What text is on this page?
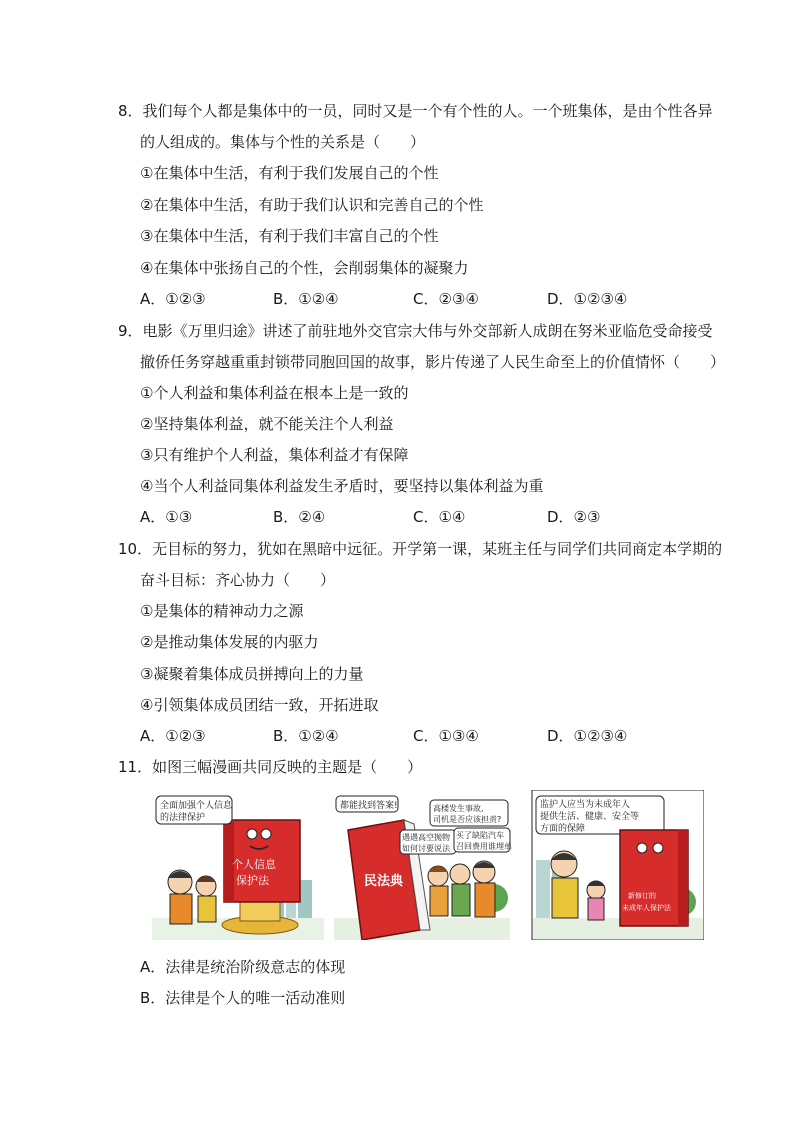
8．我们每个人都是集体中的一员，同时又是一个有个性的人。一个班集体，是由个性各异
的人组成的。集体与个性的关系是（　　）
①在集体中生活，有利于我们发展自己的个性
②在集体中生活，有助于我们认识和完善自己的个性
③在集体中生活，有利于我们丰富自己的个性
④在集体中张扬自己的个性，会削弱集体的凝聚力
A．①②③	B．①②④	C．②③④	D．①②③④
9．电影《万里归途》讲述了前驻地外交官宗大伟与外交部新人成朗在努米亚临危受命接受
撤侨任务穿越重重封锁带同胞回国的故事，影片传递了人民生命至上的价值情怀（　　）
①个人利益和集体利益在根本上是一致的
②坚持集体利益，就不能关注个人利益
③只有维护个人利益，集体利益才有保障
④当个人利益同集体利益发生矛盾时，要坚持以集体利益为重
A．①③	B．②④	C．①④	D．②③
10．无目标的努力，犹如在黑暗中远征。开学第一课，某班主任与同学们共同商定本学期的
奋斗目标：齐心协力（　　）
①是集体的精神动力之源
②是推动集体发展的内驱力
③凝聚着集体成员拼搏向上的力量
④引领集体成员团结一致，开拓进取
A．①②③	B．①②④	C．①③④	D．①②③④
11．如图三幅漫画共同反映的主题是（　　）
个人信息
保护法
全面加强个人信息
的法律保护
民法典
都能找到答案!	高楼发生事故,
司机是否应该担责?
遇遇高空抛物
如何讨要说法
买了缺陷汽车
召回费用谁埋单
监护人应当为未成年人
提供生活、健康、安全等
方面的保障
新修订的
未成年人保护法
A．法律是统治阶级意志的体现
B．法律是个人的唯一活动准则
